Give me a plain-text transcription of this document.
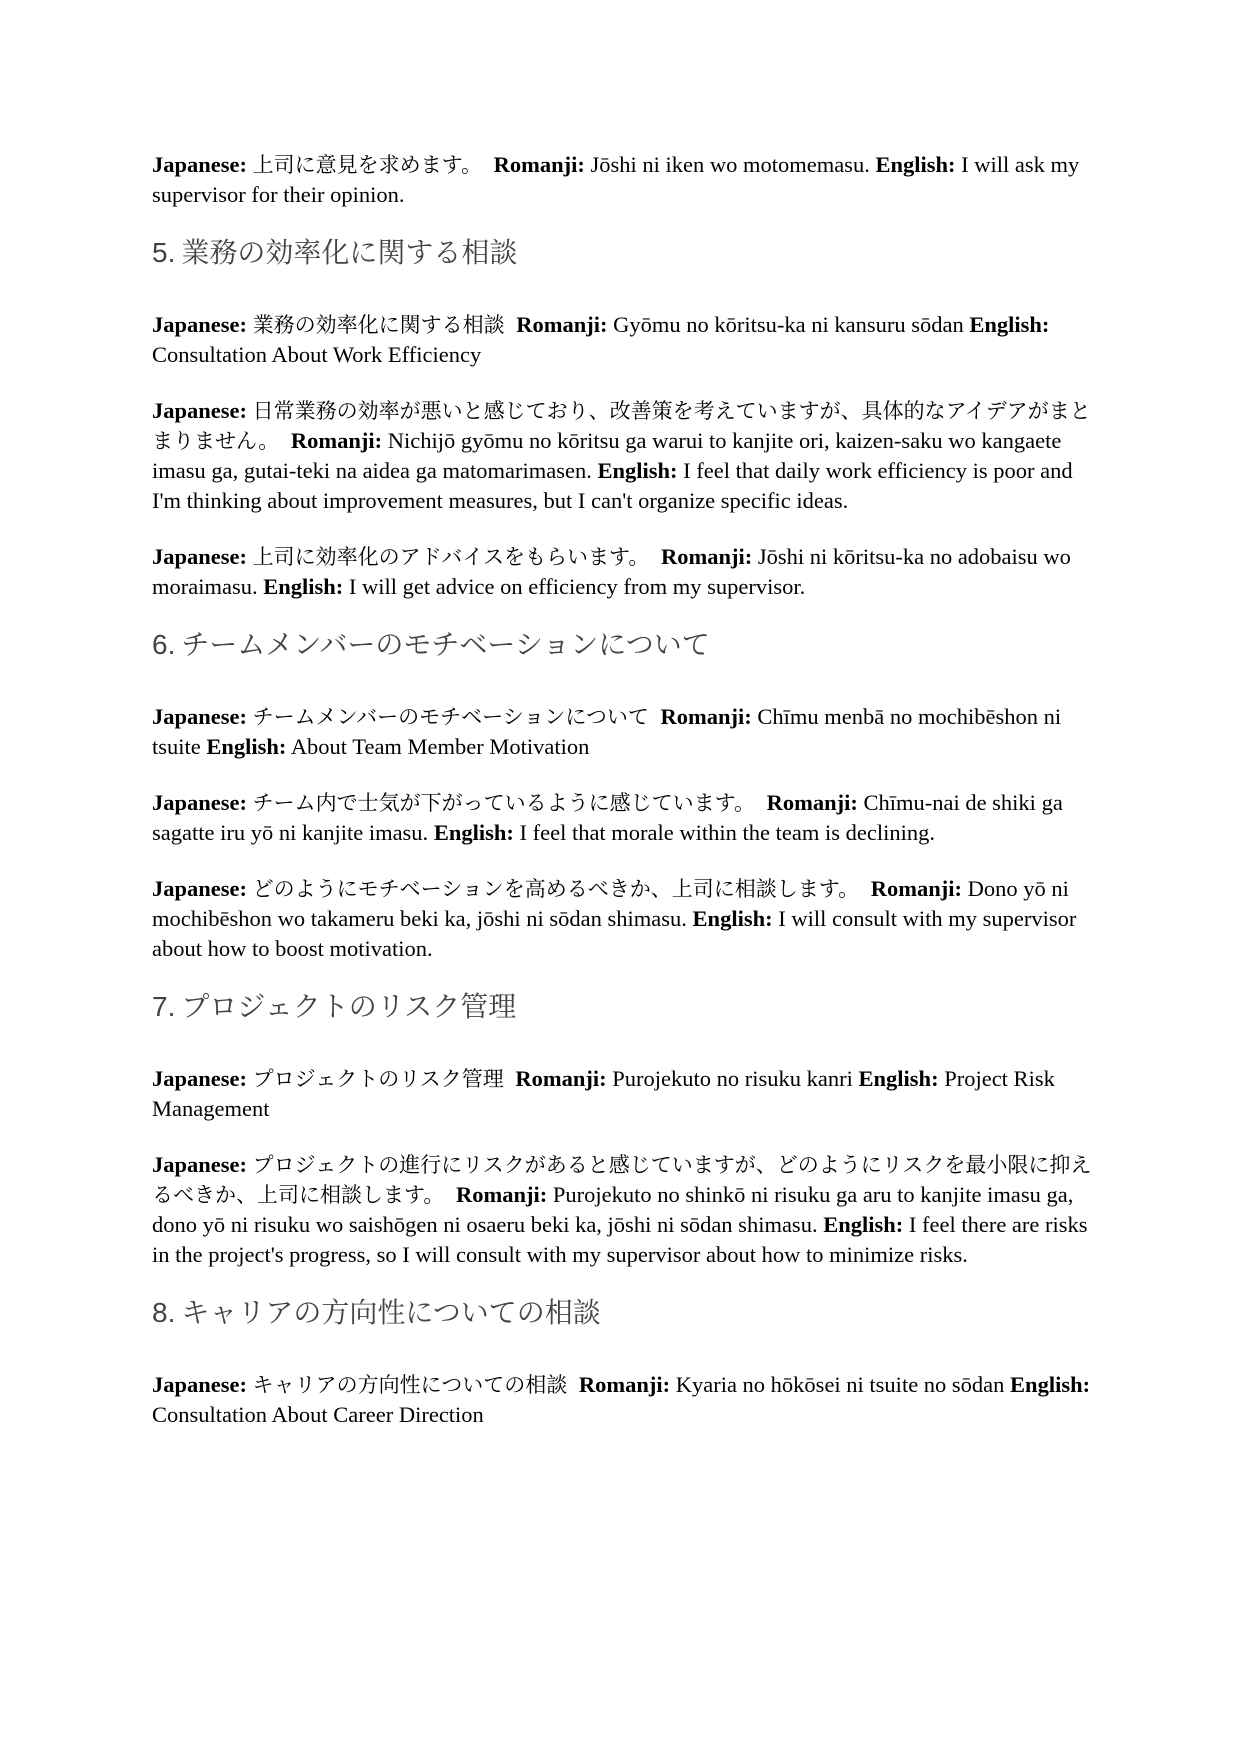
Japanese: 上司に意見を求めます。 Romanji: Jōshi ni iken wo motomemasu. English: I will ask my supervisor for their opinion.

5. 業務の効率化に関する相談

Japanese: 業務の効率化に関する相談 Romanji: Gyōmu no kōritsu-ka ni kansuru sōdan English: Consultation About Work Efficiency

Japanese: 日常業務の効率が悪いと感じており、改善策を考えていますが、具体的なアイデアがまとまりません。 Romanji: Nichijō gyōmu no kōritsu ga warui to kanjite ori, kaizen-saku wo kangaete imasu ga, gutai-teki na aidea ga matomarimasen. English: I feel that daily work efficiency is poor and I'm thinking about improvement measures, but I can't organize specific ideas.

Japanese: 上司に効率化のアドバイスをもらいます。 Romanji: Jōshi ni kōritsu-ka no adobaisu wo moraimasu. English: I will get advice on efficiency from my supervisor.

6. チームメンバーのモチベーションについて

Japanese: チームメンバーのモチベーションについて Romanji: Chīmu menbā no mochibēshon ni tsuite English: About Team Member Motivation

Japanese: チーム内で士気が下がっているように感じています。 Romanji: Chīmu-nai de shiki ga sagatte iru yō ni kanjite imasu. English: I feel that morale within the team is declining.

Japanese: どのようにモチベーションを高めるべきか、上司に相談します。 Romanji: Dono yō ni mochibēshon wo takameru beki ka, jōshi ni sōdan shimasu. English: I will consult with my supervisor about how to boost motivation.

7. プロジェクトのリスク管理

Japanese: プロジェクトのリスク管理 Romanji: Purojekuto no risuku kanri English: Project Risk Management

Japanese: プロジェクトの進行にリスクがあると感じていますが、どのようにリスクを最小限に抑えるべきか、上司に相談します。 Romanji: Purojekuto no shinkō ni risuku ga aru to kanjite imasu ga, dono yō ni risuku wo saishōgen ni osaeru beki ka, jōshi ni sōdan shimasu. English: I feel there are risks in the project's progress, so I will consult with my supervisor about how to minimize risks.

8. キャリアの方向性についての相談

Japanese: キャリアの方向性についての相談 Romanji: Kyaria no hōkōsei ni tsuite no sōdan English: Consultation About Career Direction
